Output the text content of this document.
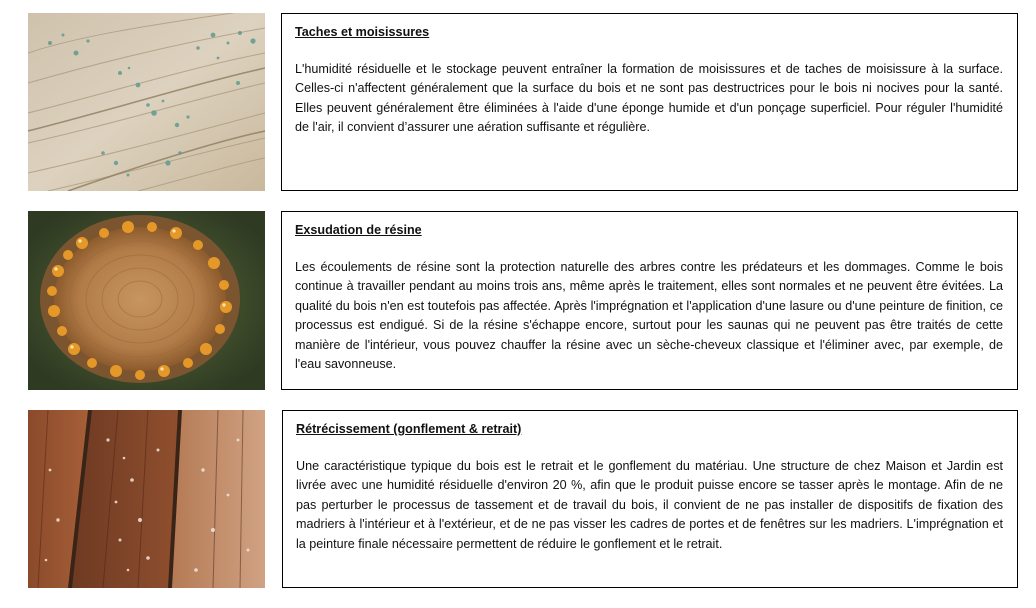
Taches et moisissures

L'humidité résiduelle et le stockage peuvent entraîner la formation de moisissures et de taches de moisissure à la surface. Celles-ci n'affectent généralement que la surface du bois et ne sont pas destructrices pour le bois ni nocives pour la santé. Elles peuvent généralement être éliminées à l'aide d'une éponge humide et d'un ponçage superficiel. Pour réguler l'humidité de l'air, il convient d’assurer une aération suffisante et régulière.

Exsudation de résine

Les écoulements de résine sont la protection naturelle des arbres contre les prédateurs et les dommages. Comme le bois continue à travailler pendant au moins trois ans, même après le traitement, elles sont normales et ne peuvent être évitées. La qualité du bois n'en est toutefois pas affectée. Après l'imprégnation et l'application d'une lasure ou d'une peinture de finition, ce processus est endigué. Si de la résine s'échappe encore, surtout pour les saunas qui ne peuvent pas être traités de cette manière de l'intérieur, vous pouvez chauffer la résine avec un sèche-cheveux classique et l'éliminer avec, par exemple, de l'eau savonneuse.

Rétrécissement (gonflement & retrait)

Une caractéristique typique du bois est le retrait et le gonflement du matériau. Une structure de chez Maison et Jardin est livrée avec une humidité résiduelle d'environ 20 %, afin que le produit puisse encore se tasser après le montage. Afin de ne pas perturber le processus de tassement et de travail du bois, il convient de ne pas installer de dispositifs de fixation des madriers à l'intérieur et à l'extérieur, et de ne pas visser les cadres de portes et de fenêtres sur les madriers. L'imprégnation et la peinture finale nécessaire permettent de réduire le gonflement et le retrait.
